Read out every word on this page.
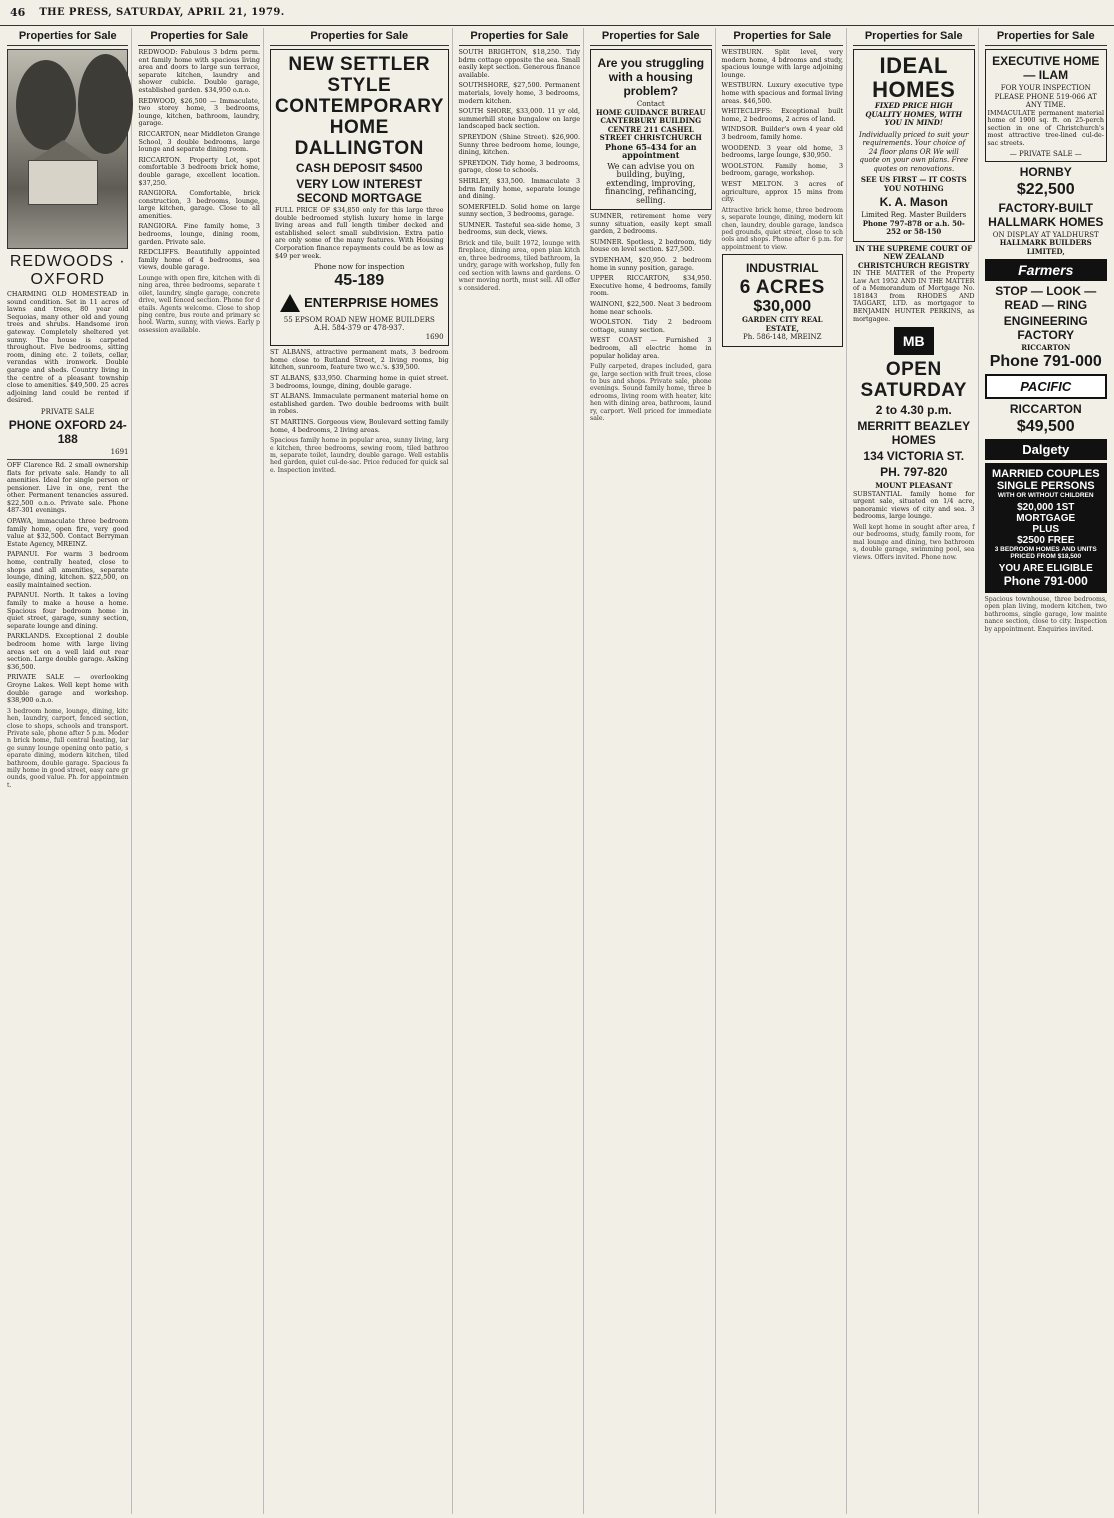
46 THE PRESS, SATURDAY, APRIL 21, 1979.
Properties for Sale
REDWOODS · OXFORD
CHARMING OLD HOMESTEAD in sound condition. Set in 11 acres of lawns and trees, 80 year old Sequoias, many other old and young trees and shrubs. Handsome iron gateway. Completely sheltered yet sunny. The house is carpeted throughout. Five bedrooms, sitting room, dining etc. 2 toilets, cellar, verandas with ironwork. Double garage and sheds. Country living in the centre of a pleasant township close to amenities. $49,500. 25 acres adjoining land could be rented if desired.
PRIVATE SALE
PHONE OXFORD 24-188
1691
OFF Clarence Rd. 2 small ownership flats for private sale. Handy to all amenities. Ideal for single person or pensioner. Live in one, rent the other. Permanent tenancies assured. $22,500 o.n.o. Private sale. Phone 487-301 evenings.
OPAWA, immaculate three bedroom family home, open fire, very good value at $32,500. Contact Berryman Estate Agency, MREINZ.
PAPANUI. For warm 3 bedroom home, centrally heated, close to shops and all amenities, separate lounge, dining, kitchen. $22,500, on easily maintained section.
PAPANUI. North. It takes a loving family to make a house a home. Spacious four bedroom home in quiet street, garage, sunny section, separate lounge and dining.
PARKLANDS. Exceptional 2 double bedroom home with large living areas set on a well laid out rear section. Large double garage. Asking $36,500.
PRIVATE SALE — overlooking Groyne Lakes. Well kept home with double garage and workshop. $38,900 o.n.o.
3 bedroom home, lounge, dining, kitchen, laundry, carport, fenced section, close to shops, schools and transport. Private sale, phone after 5 p.m. Modern brick home, full central heating, large sunny lounge opening onto patio, separate dining, modern kitchen, tiled bathroom, double garage. Spacious family home in good street, easy care grounds, good value. Ph. for appointment.
Properties for Sale
REDWOOD: Fabulous 3 bdrm perm. ent family home with spacious living area and doors to large sun terrace, separate kitchen, laundry and shower cubicle. Double garage, established garden. $34,950 o.n.o.
REDWOOD, $26,500 — Immaculate, two storey home, 3 bedrooms, lounge, kitchen, bathroom, laundry, garage.
RICCARTON, near Middleton Grange School, 3 double bedrooms, large lounge and separate dining room.
RICCARTON. Property Lot, spot comfortable 3 bedroom brick home, double garage, excellent location. $37,250.
RANGIORA. Comfortable, brick construction, 3 bedrooms, lounge, large kitchen, garage. Close to all amenities.
RANGIORA. Fine family home, 3 bedrooms, lounge, dining room, garden. Private sale.
REDCLIFFS. Beautifully appointed family home of 4 bedrooms, sea views, double garage.
Lounge with open fire, kitchen with dining area, three bedrooms, separate toilet, laundry, single garage, concrete drive, well fenced section. Phone for details. Agents welcome. Close to shopping centre, bus route and primary school. Warm, sunny, with views. Early possession available.
Properties for Sale
NEW SETTLER STYLE CONTEMPORARY HOME DALLINGTON
CASH DEPOSIT $4500
VERY LOW INTEREST SECOND MORTGAGE
FULL PRICE OF $34,850 only for this large three double bedroomed stylish luxury home in large living areas and full length timber decked and established select small subdivision. Extra patio are only some of the many features. With Housing Corporation finance repayments could be as low as $49 per week.
Phone now for inspection
45-189
ENTERPRISE HOMES
55 EPSOM ROAD NEW HOME BUILDERS A.H. 584-379 or 478-937.
1690
ST ALBANS, attractive permanent mats, 3 bedroom home close to Rutland Street, 2 living rooms, big kitchen, sunroom, feature two w.c.'s. $39,500.
ST ALBANS, $33,950. Charming home in quiet street. 3 bedrooms, lounge, dining, double garage.
ST ALBANS. Immaculate permanent material home on established garden. Two double bedrooms with built in robes.
ST MARTINS. Gorgeous view, Boulevard setting family home, 4 bedrooms, 2 living areas.
Spacious family home in popular area, sunny living, large kitchen, three bedrooms, sewing room, tiled bathroom, separate toilet, laundry, double garage. Well established garden, quiet cul-de-sac. Price reduced for quick sale. Inspection invited.
Properties for Sale
SOUTH BRIGHTON, $18,250. Tidy bdrm cottage opposite the sea. Small easily kept section. Generous finance available.
SOUTHSHORE, $27,500. Permanent materials, lovely home, 3 bedrooms, modern kitchen.
SOUTH SHORE, $33,000. 11 yr old, summerhill stone bungalow on large landscaped back section.
SPREYDON (Shine Street). $26,900. Sunny three bedroom home, lounge, dining, kitchen.
SPREYDON. Tidy home, 3 bedrooms, garage, close to schools.
SHIRLEY, $33,500. Immaculate 3 bdrm family home, separate lounge and dining.
SOMERFIELD. Solid home on large sunny section, 3 bedrooms, garage.
SUMNER. Tasteful sea-side home, 3 bedrooms, sun deck, views.
Brick and tile, built 1972, lounge with fireplace, dining area, open plan kitchen, three bedrooms, tiled bathroom, laundry, garage with workshop, fully fenced section with lawns and gardens. Owner moving north, must sell. All offers considered.
Properties for Sale
Are you struggling with a housing problem?
Contact
HOME GUIDANCE BUREAU CANTERBURY BUILDING CENTRE 211 CASHEL STREET CHRISTCHURCH
Phone 65-434 for an appointment
We can advise you on building, buying, extending, improving, financing, refinancing, selling.
SUMNER, retirement home very sunny situation, easily kept small garden, 2 bedrooms.
SUMNER. Spotless, 2 bedroom, tidy house on level section. $27,500.
SYDENHAM, $20,950. 2 bedroom home in sunny position, garage.
UPPER RICCARTON, $34,950. Executive home, 4 bedrooms, family room.
WAINONI, $22,500. Neat 3 bedroom home near schools.
WOOLSTON. Tidy 2 bedroom cottage, sunny section.
WEST COAST — Furnished 3 bedroom, all electric home in popular holiday area.
Fully carpeted, drapes included, garage, large section with fruit trees, close to bus and shops. Private sale, phone evenings. Sound family home, three bedrooms, living room with heater, kitchen with dining area, bathroom, laundry, carport. Well priced for immediate sale.
Properties for Sale
WESTBURN. Split level, very modern home, 4 bdrooms and study, spacious lounge with large adjoining lounge.
WESTBURN. Luxury executive type home with spacious and formal living areas. $46,500.
WHITECLIFFS: Exceptional built home, 2 bedrooms, 2 acres of land.
WINDSOR. Builder's own 4 year old 3 bedroom, family home.
WOODEND. 3 year old home, 3 bedrooms, large lounge, $30,950.
WOOLSTON. Family home, 3 bedroom, garage, workshop.
WEST MELTON. 3 acres of agriculture, approx 15 mins from city.
Attractive brick home, three bedrooms, separate lounge, dining, modern kitchen, laundry, double garage, landscaped grounds, quiet street, close to schools and shops. Phone after 6 p.m. for appointment to view.
INDUSTRIAL
6 ACRES
$30,000
GARDEN CITY REAL ESTATE,
Ph. 586-148, MREINZ
Properties for Sale
IDEAL HOMES
FIXED PRICE HIGH QUALITY HOMES, WITH YOU IN MIND!
Individually priced to suit your requirements. Your choice of 24 floor plans OR We will quote on your own plans. Free quotes on renovations.
SEE US FIRST — IT COSTS YOU NOTHING
K. A. Mason
Limited Reg. Master Builders
Phone 797-878 or a.h. 50-252 or 58-150
IN THE SUPREME COURT OF NEW ZEALAND CHRISTCHURCH REGISTRY
IN THE MATTER of the Property Law Act 1952 AND IN THE MATTER of a Memorandum of Mortgage No. 181843 from RHODES AND TAGGART, LTD. as mortgagor to BENJAMIN HUNTER PERKINS, as mortgagee.
MB
OPEN SATURDAY
2 to 4.30 p.m.
MERRITT BEAZLEY HOMES
134 VICTORIA ST.
PH. 797-820
MOUNT PLEASANT
SUBSTANTIAL family home for urgent sale, situated on 1/4 acre, panoramic views of city and sea. 3 bedrooms, large lounge.
Well kept home in sought after area, four bedrooms, study, family room, formal lounge and dining, two bathrooms, double garage, swimming pool, sea views. Offers invited. Phone now.
Properties for Sale
EXECUTIVE HOME — ILAM
FOR YOUR INSPECTION PLEASE PHONE 519-066 AT ANY TIME.
IMMACULATE permanent material home of 1900 sq. ft. on 25-perch section in one of Christchurch's most attractive tree-lined cul-de-sac streets.
— PRIVATE SALE —
HORNBY
$22,500
FACTORY-BUILT HALLMARK HOMES
ON DISPLAY AT YALDHURST
HALLMARK BUILDERS LIMITED,
Farmers
STOP — LOOK — READ — RING
ENGINEERING FACTORY
RICCARTON
Phone 791-000
PACIFIC
RICCARTON
$49,500
Dalgety
MARRIED COUPLES
SINGLE PERSONS
WITH OR WITHOUT CHILDREN
$20,000 1ST MORTGAGE
PLUS
$2500 FREE
3 BEDROOM HOMES AND UNITS PRICED FROM $18,500
YOU ARE ELIGIBLE
Phone 791-000
Spacious townhouse, three bedrooms, open plan living, modern kitchen, two bathrooms, single garage, low maintenance section, close to city. Inspection by appointment. Enquiries invited.
